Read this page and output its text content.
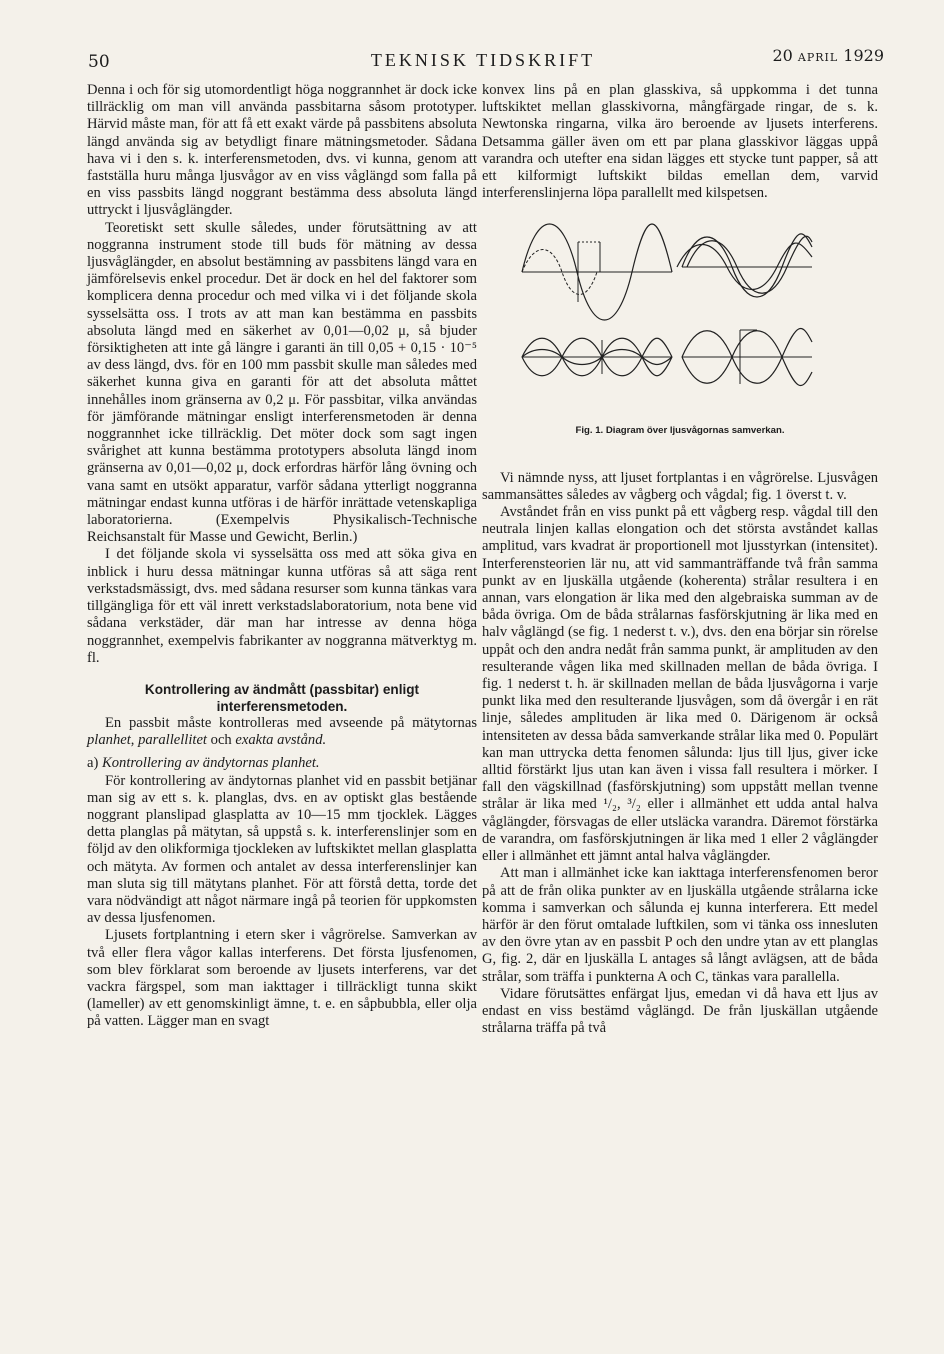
50	TEKNISK TIDSKRIFT	20 APRIL 1929

Denna i och för sig utomordentligt höga noggrannhet är dock icke tillräcklig om man vill använda passbitarna såsom prototyper. Härvid måste man, för att få ett exakt värde på passbitens absoluta längd använda sig av betydligt finare mätningsmetoder. Sådana hava vi i den s. k. interferensmetoden, dvs. vi kunna, genom att fastställa huru många ljusvågor av en viss våglängd som falla på en viss passbits längd noggrant bestämma dess absoluta längd uttryckt i ljusvåglängder.

Teoretiskt sett skulle således, under förutsättning av att noggranna instrument stode till buds för mätning av dessa ljusvåglängder, en absolut bestämning av passbitens längd vara en jämförelsevis enkel procedur. Det är dock en hel del faktorer som komplicera denna procedur och med vilka vi i det följande skola sysselsätta oss. I trots av att man kan bestämma en passbits absoluta längd med en säkerhet av 0,01—0,02 μ, så bjuder försiktigheten att inte gå längre i garanti än till 0,05 + 0,15 · 10⁻⁵ av dess längd, dvs. för en 100 mm passbit skulle man således med säkerhet kunna giva en garanti för att det absoluta måttet innehålles inom gränserna av 0,2 μ. För passbitar, vilka användas för jämförande mätningar ensligt interferensmetoden är denna noggrannhet icke tillräcklig. Det möter dock som sagt ingen svårighet att kunna bestämma prototypers absoluta längd inom gränserna av 0,01—0,02 μ, dock erfordras härför lång övning och vana samt en utsökt apparatur, varför sådana ytterligt noggranna mätningar endast kunna utföras i de härför inrättade vetenskapliga laboratorierna. (Exempelvis Physikalisch-Technische Reichsanstalt für Masse und Gewicht, Berlin.)

I det följande skola vi sysselsätta oss med att söka giva en inblick i huru dessa mätningar kunna utföras så att säga rent verkstadsmässigt, dvs. med sådana resurser som kunna tänkas vara tillgängliga för ett väl inrett verkstadslaboratorium, nota bene vid sådana verkstäder, där man har intresse av denna höga noggrannhet, exempelvis fabrikanter av noggranna mätverktyg m. fl.

Kontrollering av ändmått (passbitar) enligt interferensmetoden.

En passbit måste kontrolleras med avseende på mätytornas planhet, parallellitet och exakta avstånd.

a) Kontrollering av ändytornas planhet.

För kontrollering av ändytornas planhet vid en passbit betjänar man sig av ett s. k. planglas, dvs. en av optiskt glas bestående noggrant planslipad glasplatta av 10—15 mm tjocklek. Lägges detta planglas på mätytan, så uppstå s. k. interferenslinjer som en följd av den olikformiga tjockleken av luftskiktet mellan glasplatta och mätyta. Av formen och antalet av dessa interferenslinjer kan man sluta sig till mätytans planhet. För att förstå detta, torde det vara nödvändigt att något närmare ingå på teorien för uppkomsten av dessa ljusfenomen.

Ljusets fortplantning i etern sker i vågrörelse. Samverkan av två eller flera vågor kallas interferens. Det första ljusfenomen, som blev förklarat som beroende av ljusets interferens, var det vackra färgspel, som man iakttager i tillräckligt tunna skikt (lameller) av ett genomskinligt ämne, t. e. en såpbubbla, eller olja på vatten. Lägger man en svagt

konvex lins på en plan glasskiva, så uppkomma i det tunna luftskiktet mellan glasskivorna, mångfärgade ringar, de s. k. Newtonska ringarna, vilka äro beroende av ljusets interferens. Detsamma gäller även om ett par plana glasskivor läggas uppå varandra och utefter ena sidan lägges ett stycke tunt papper, så att ett kilformigt luftskikt bildas emellan dem, varvid interferenslinjerna löpa parallellt med kilspetsen.

Fig. 1. Diagram över ljusvågornas samverkan.

Vi nämnde nyss, att ljuset fortplantas i en vågrörelse. Ljusvågen sammansättes således av vågberg och vågdal; fig. 1 överst t. v.

Avståndet från en viss punkt på ett vågberg resp. vågdal till den neutrala linjen kallas elongation och det största avståndet kallas amplitud, vars kvadrat är proportionell mot ljusstyrkan (intensitet). Interferensteorien lär nu, att vid sammanträffande två från samma punkt av en ljuskälla utgående (koherenta) strålar resultera i en annan, vars elongation är lika med den algebraiska summan av de båda övriga. Om de båda strålarnas fasförskjutning är lika med en halv våglängd (se fig. 1 nederst t. v.), dvs. den ena börjar sin rörelse uppåt och den andra nedåt från samma punkt, är amplituden av den resulterande vågen lika med skillnaden mellan de båda övriga. I fig. 1 nederst t. h. är skillnaden mellan de båda ljusvågorna i varje punkt lika med den resulterande ljusvågen, som då övergår i en rät linje, således amplituden är lika med 0. Därigenom är också intensiteten av dessa båda samverkande strålar lika med 0. Populärt kan man uttrycka detta fenomen sålunda: ljus till ljus, giver icke alltid förstärkt ljus utan kan även i vissa fall resultera i mörker. I fall den vägskillnad (fasförskjutning) som uppstått mellan tvenne strålar är lika med ¹/₂, ³/₂ eller i allmänhet ett udda antal halva våglängder, försvagas de eller utsläcka varandra. Däremot förstärka de varandra, om fasförskjutningen är lika med 1 eller 2 våglängder eller i allmänhet ett jämnt antal halva våglängder.

Att man i allmänhet icke kan iakttaga interferensfenomen beror på att de från olika punkter av en ljuskälla utgående strålarna icke komma i samverkan och sålunda ej kunna interferera. Ett medel härför är den förut omtalade luftkilen, som vi tänka oss innesluten av den övre ytan av en passbit P och den undre ytan av ett planglas G, fig. 2, där en ljuskälla L antages så långt avlägsen, att de båda strålar, som träffa i punkterna A och C, tänkas vara parallella.

Vidare förutsättes enfärgat ljus, emedan vi då hava ett ljus av endast en viss bestämd våglängd. De från ljuskällan utgående strålarna träffa på två
